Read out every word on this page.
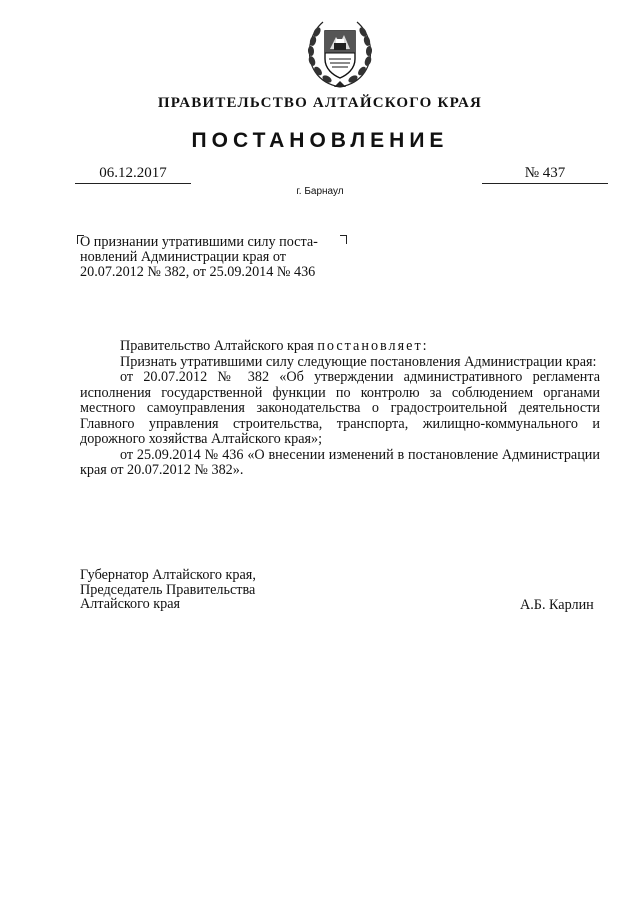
ПРАВИТЕЛЬСТВО АЛТАЙСКОГО КРАЯ
ПОСТАНОВЛЕНИЕ
06.12.2017	№ 437
г. Барнаул
О признании утратившими силу поста-
новлений Администрации края от
20.07.2012 № 382, от 25.09.2014 № 436

Правительство Алтайского края постановляет:

Признать утратившими силу следующие постановления Администрации края:

от 20.07.2012 № 382 «Об утверждении административного регламента исполнения государственной функции по контролю за соблюдением органами местного самоуправления законодательства о градостроительной деятельности Главного управления строительства, транспорта, жилищно-коммунального и дорожного хозяйства Алтайского края»;

от 25.09.2014 № 436 «О внесении изменений в постановление Администрации края от 20.07.2012 № 382».

Губернатор Алтайского края,
Председатель Правительства
Алтайского края	А.Б. Карлин
